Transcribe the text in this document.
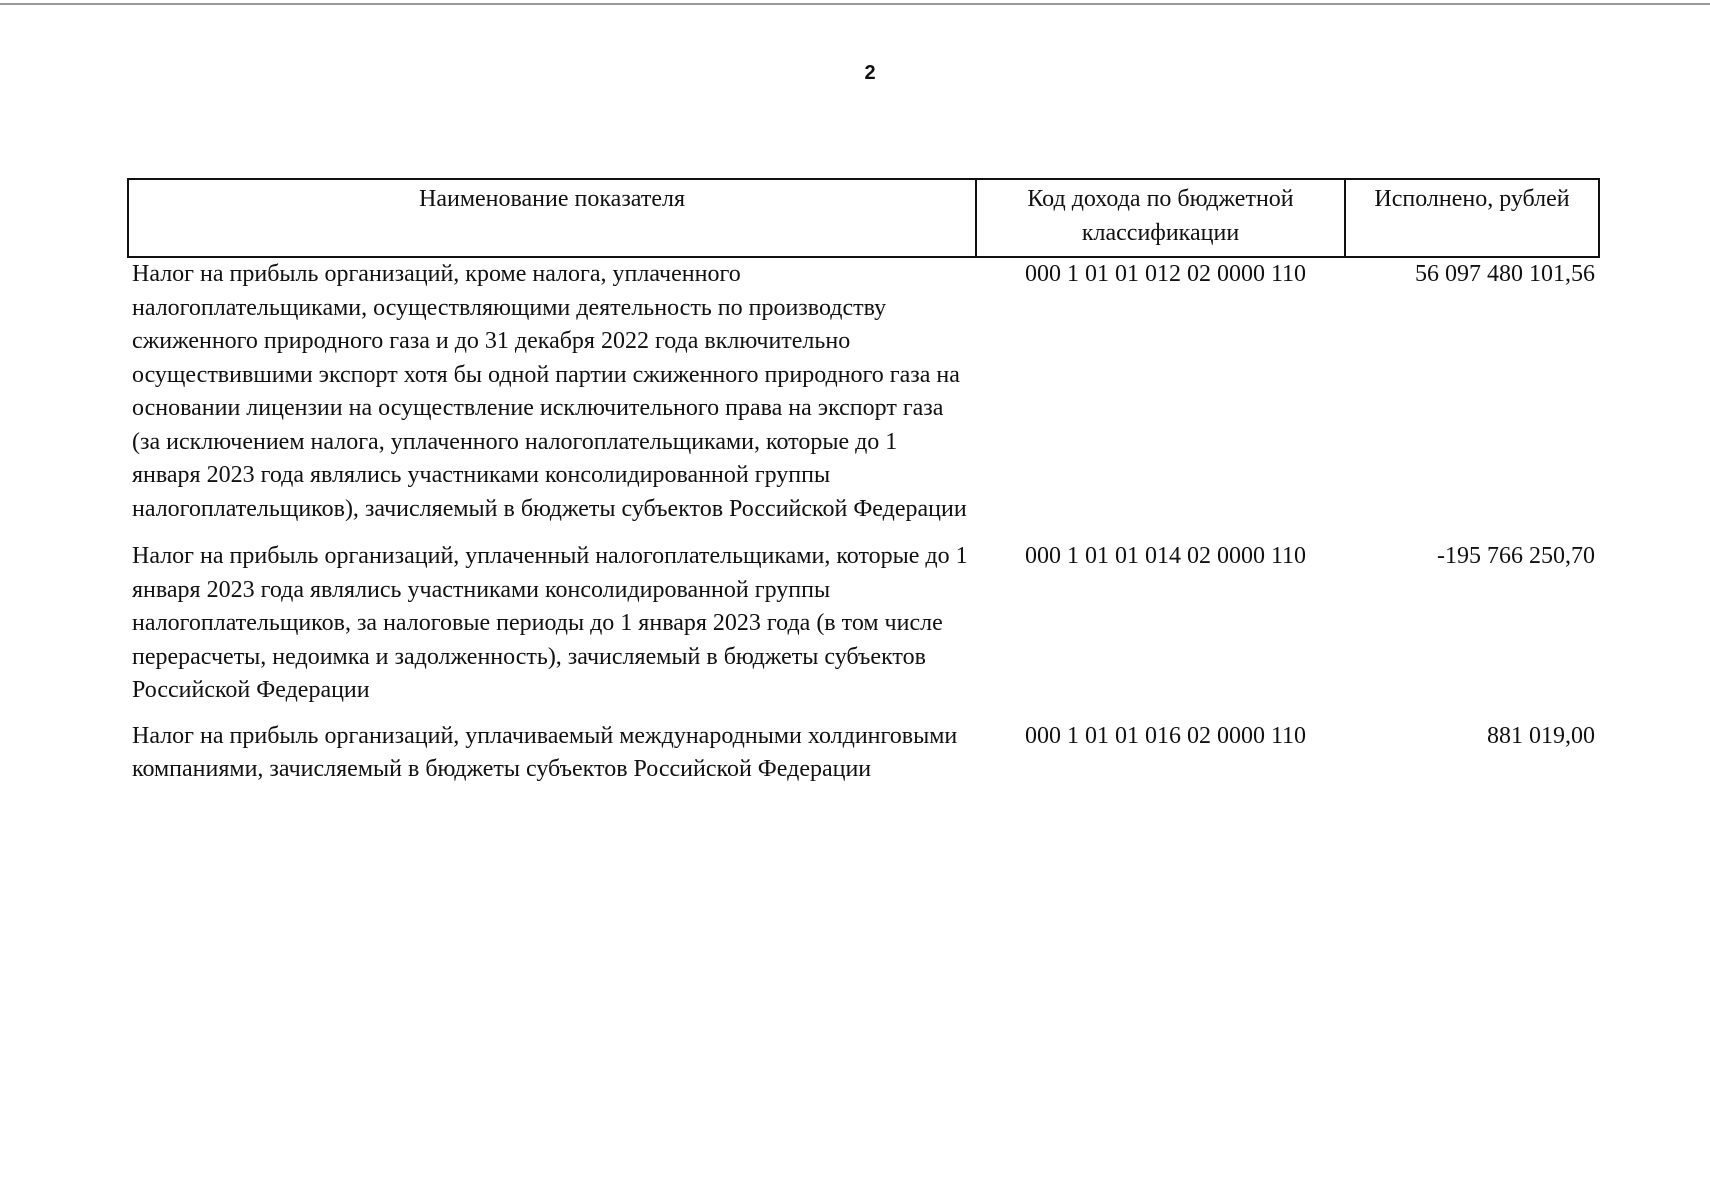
2
Наименование показателя	Код дохода по бюджетной классификации	Исполнено, рублей
Налог на прибыль организаций, кроме налога, уплаченного налогоплательщиками, осуществляющими деятельность по производству сжиженного природного газа и до 31 декабря 2022 года включительно осуществившими экспорт хотя бы одной партии сжиженного природного газа на основании лицензии на осуществление исключительного права на экспорт газа (за исключением налога, уплаченного налогоплательщиками, которые до 1 января 2023 года являлись участниками консолидированной группы налогоплательщиков), зачисляемый в бюджеты субъектов Российской Федерации	000 1 01 01 012 02 0000 110	56 097 480 101,56
Налог на прибыль организаций, уплаченный налогоплательщиками, которые до 1 января 2023 года являлись участниками консолидированной группы налогоплательщиков, за налоговые периоды до 1 января 2023 года (в том числе перерасчеты, недоимка и задолженность), зачисляемый в бюджеты субъектов Российской Федерации	000 1 01 01 014 02 0000 110	-195 766 250,70
Налог на прибыль организаций, уплачиваемый международными холдинговыми компаниями, зачисляемый в бюджеты субъектов Российской Федерации	000 1 01 01 016 02 0000 110	881 019,00
